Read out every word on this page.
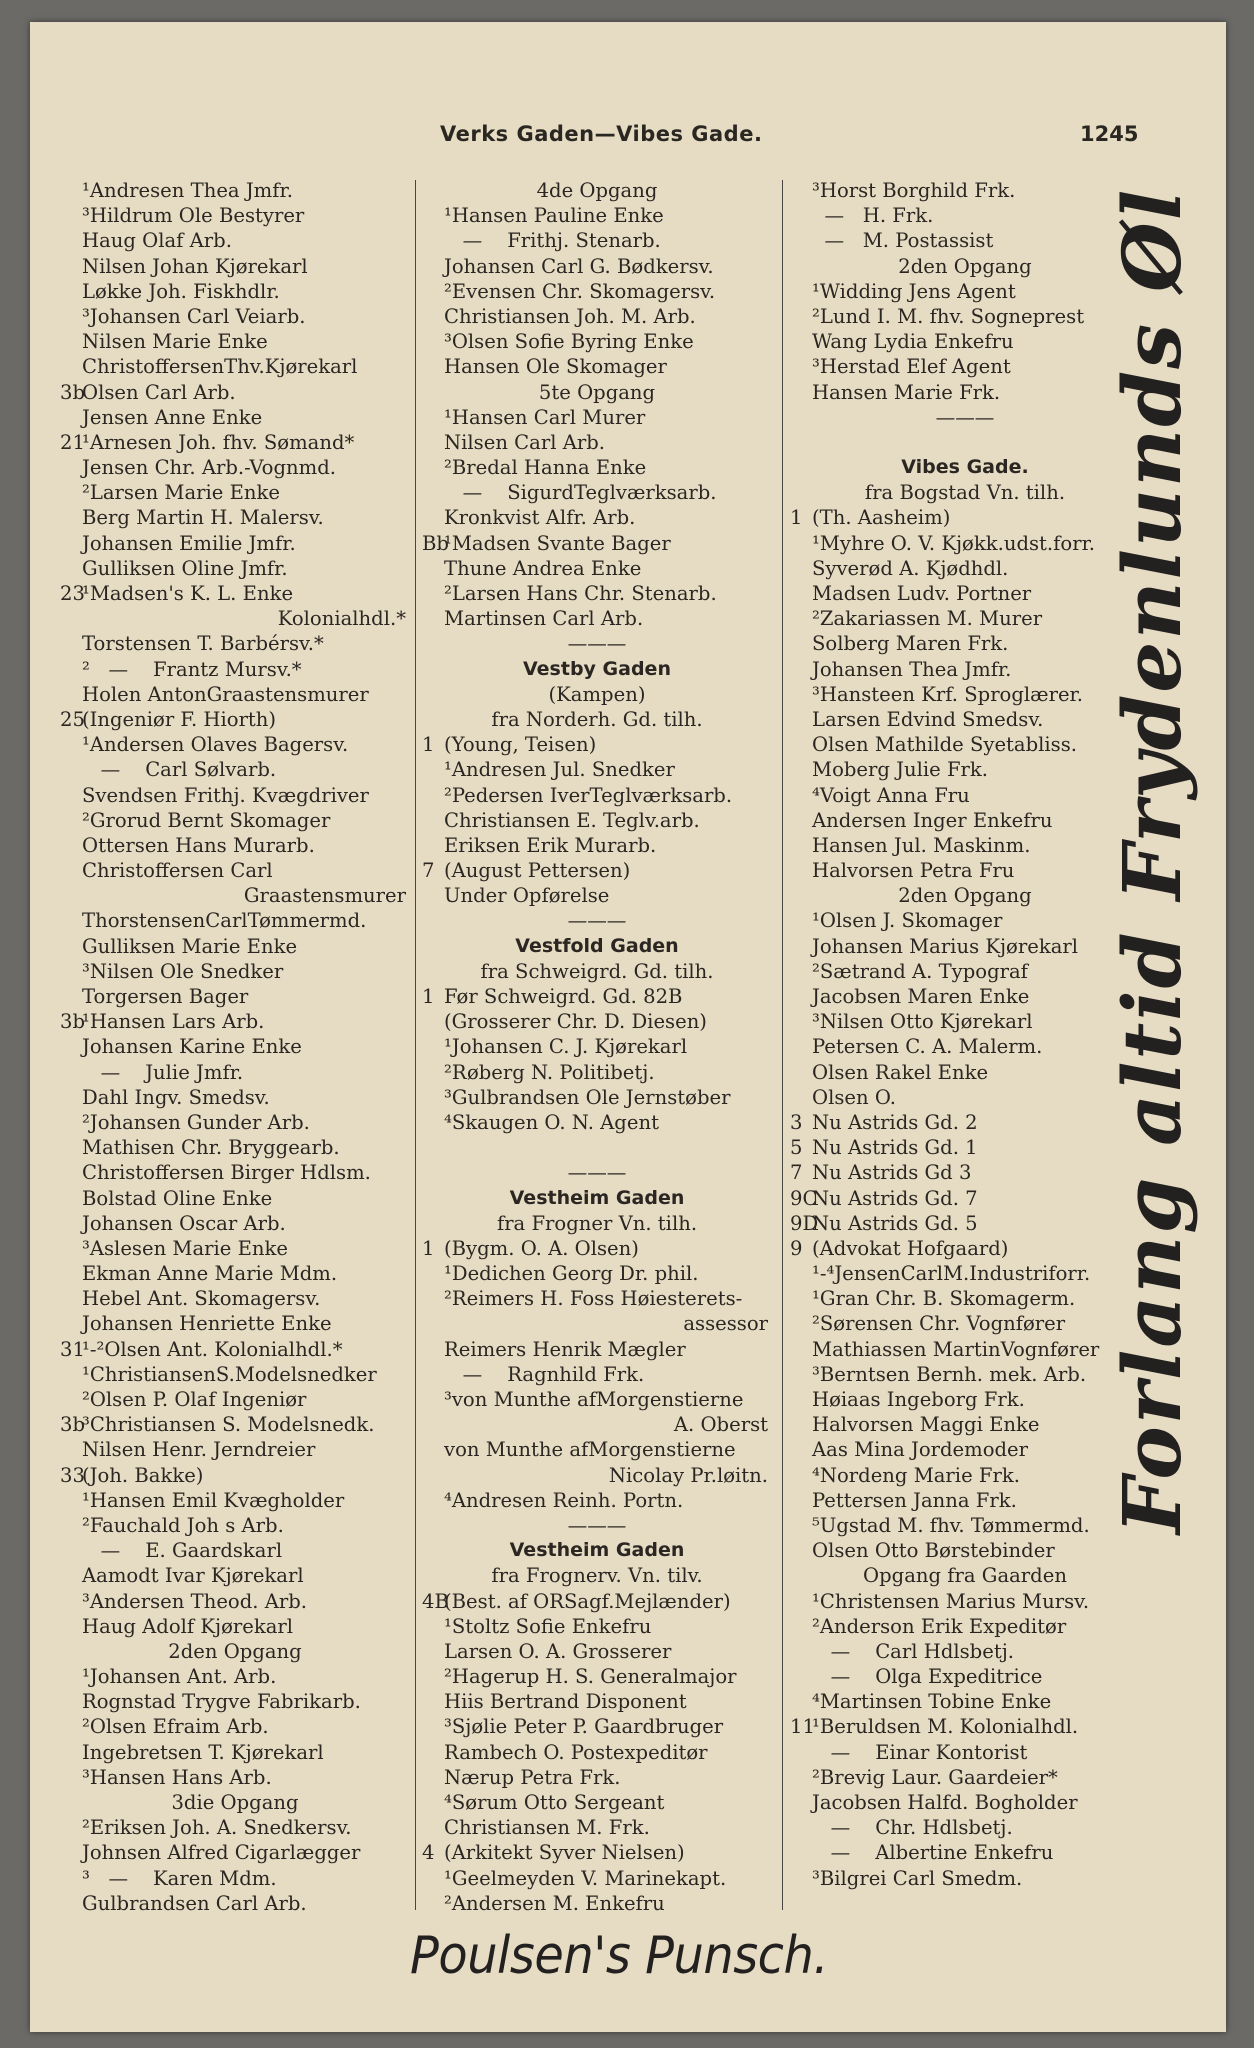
Verks Gaden—Vibes Gade.	1245
¹Andresen Thea Jmfr.
³Hildrum Ole Bestyrer
Haug Olaf Arb.
Nilsen Johan Kjørekarl
Løkke Joh. Fiskhdlr.
³Johansen Carl Veiarb.
Nilsen Marie Enke
ChristoffersenThv.Kjørekarl
3b
Olsen Carl Arb.
Jensen Anne Enke
21
¹Arnesen Joh. fhv. Sømand*
Jensen Chr. Arb.-Vognmd.
²Larsen Marie Enke
Berg Martin H. Malersv.
Johansen Emilie Jmfr.
Gulliksen Oline Jmfr.
23
¹Madsen's K. L. Enke
Kolonialhdl.*
Torstensen T. Barbérsv.*
²   —    Frantz Mursv.*
Holen AntonGraastensmurer
25
(Ingeniør F. Hiorth)
¹Andersen Olaves Bagersv.
—    Carl Sølvarb.
Svendsen Frithj. Kvægdriver
²Grorud Bernt Skomager
Ottersen Hans Murarb.
Christoffersen Carl
Graastensmurer
ThorstensenCarlTømmermd.
Gulliksen Marie Enke
³Nilsen Ole Snedker
Torgersen Bager
3b
¹Hansen Lars Arb.
Johansen Karine Enke
—    Julie Jmfr.
Dahl Ingv. Smedsv.
²Johansen Gunder Arb.
Mathisen Chr. Bryggearb.
Christoffersen Birger Hdlsm.
Bolstad Oline Enke
Johansen Oscar Arb.
³Aslesen Marie Enke
Ekman Anne Marie Mdm.
Hebel Ant. Skomagersv.
Johansen Henriette Enke
31
¹-²Olsen Ant. Kolonialhdl.*
¹ChristiansenS.Modelsnedker
²Olsen P. Olaf Ingeniør
3b
³Christiansen S. Modelsnedk.
Nilsen Henr. Jerndreier
33
(Joh. Bakke)
¹Hansen Emil Kvægholder
²Fauchald Joh s Arb.
—    E. Gaardskarl
Aamodt Ivar Kjørekarl
³Andersen Theod. Arb.
Haug Adolf Kjørekarl
2den Opgang
¹Johansen Ant. Arb.
Rognstad Trygve Fabrikarb.
²Olsen Efraim Arb.
Ingebretsen T. Kjørekarl
³Hansen Hans Arb.
3die Opgang
²Eriksen Joh. A. Snedkersv.
Johnsen Alfred Cigarlægger
³   —    Karen Mdm.
Gulbrandsen Carl Arb.
4de Opgang
¹Hansen Pauline Enke
—    Frithj. Stenarb.
Johansen Carl G. Bødkersv.
²Evensen Chr. Skomagersv.
Christiansen Joh. M. Arb.
³Olsen Sofie Byring Enke
Hansen Ole Skomager
5te Opgang
¹Hansen Carl Murer
Nilsen Carl Arb.
²Bredal Hanna Enke
—    SigurdTeglværksarb.
Kronkvist Alfr. Arb.
Bb
¹Madsen Svante Bager
Thune Andrea Enke
²Larsen Hans Chr. Stenarb.
Martinsen Carl Arb.
———
Vestby Gaden
(Kampen)
fra Norderh. Gd. tilh.
1 (Young, Teisen)
¹Andresen Jul. Snedker
²Pedersen IverTeglværksarb.
Christiansen E. Teglv.arb.
Eriksen Erik Murarb.
7 (August Pettersen)
Under Opførelse
———
Vestfold Gaden
fra Schweigrd. Gd. tilh.
1 Før Schweigrd. Gd. 82B
(Grosserer Chr. D. Diesen)
¹Johansen C. J. Kjørekarl
²Røberg N. Politibetj.
³Gulbrandsen Ole Jernstøber
⁴Skaugen O. N. Agent
———
Vestheim Gaden
fra Frogner Vn. tilh.
1 (Bygm. O. A. Olsen)
¹Dedichen Georg Dr. phil.
²Reimers H. Foss Høiesterets-
assessor
Reimers Henrik Mægler
—    Ragnhild Frk.
³von Munthe afMorgenstierne
A. Oberst
von Munthe afMorgenstierne
Nicolay Pr.løitn.
⁴Andresen Reinh. Portn.
———
Vestheim Gaden
fra Frognerv. Vn. tilv.
4B
(Best. af ORSagf.Mejlænder)
¹Stoltz Sofie Enkefru
Larsen O. A. Grosserer
²Hagerup H. S. Generalmajor
Hiis Bertrand Disponent
³Sjølie Peter P. Gaardbruger
Rambech O. Postexpeditør
Nærup Petra Frk.
⁴Sørum Otto Sergeant
Christiansen M. Frk.
4 (Arkitekt Syver Nielsen)
¹Geelmeyden V. Marinekapt.
²Andersen M. Enkefru
³Horst Borghild Frk.
—   H. Frk.
—   M. Postassist
2den Opgang
¹Widding Jens Agent
²Lund I. M. fhv. Sogneprest
Wang Lydia Enkefru
³Herstad Elef Agent
Hansen Marie Frk.
———
Vibes Gade.
fra Bogstad Vn. tilh.
1 (Th. Aasheim)
¹Myhre O. V. Kjøkk.udst.forr.
Syverød A. Kjødhdl.
Madsen Ludv. Portner
²Zakariassen M. Murer
Solberg Maren Frk.
Johansen Thea Jmfr.
³Hansteen Krf. Sproglærer.
Larsen Edvind Smedsv.
Olsen Mathilde Syetabliss.
Moberg Julie Frk.
⁴Voigt Anna Fru
Andersen Inger Enkefru
Hansen Jul. Maskinm.
Halvorsen Petra Fru
2den Opgang
¹Olsen J. Skomager
Johansen Marius Kjørekarl
²Sætrand A. Typograf
Jacobsen Maren Enke
³Nilsen Otto Kjørekarl
Petersen C. A. Malerm.
Olsen Rakel Enke
Olsen O.
3 Nu Astrids Gd. 2
5 Nu Astrids Gd. 1
7 Nu Astrids Gd 3
9C
Nu Astrids Gd. 7
9D
Nu Astrids Gd. 5
9 (Advokat Hofgaard)
¹-⁴JensenCarlM.Industriforr.
¹Gran Chr. B. Skomagerm.
²Sørensen Chr. Vognfører
Mathiassen MartinVognfører
³Berntsen Bernh. mek. Arb.
Høiaas Ingeborg Frk.
Halvorsen Maggi Enke
Aas Mina Jordemoder
⁴Nordeng Marie Frk.
Pettersen Janna Frk.
⁵Ugstad M. fhv. Tømmermd.
Olsen Otto Børstebinder
Opgang fra Gaarden
¹Christensen Marius Mursv.
²Anderson Erik Expeditør
—    Carl Hdlsbetj.
—    Olga Expeditrice
⁴Martinsen Tobine Enke
11
¹Beruldsen M. Kolonialhdl.
—    Einar Kontorist
²Brevig Laur. Gaardeier*
Jacobsen Halfd. Bogholder
—    Chr. Hdlsbetj.
—    Albertine Enkefru
³Bilgrei Carl Smedm.
Forlang altid Frydenlunds Øl
Poulsen's Punsch.
